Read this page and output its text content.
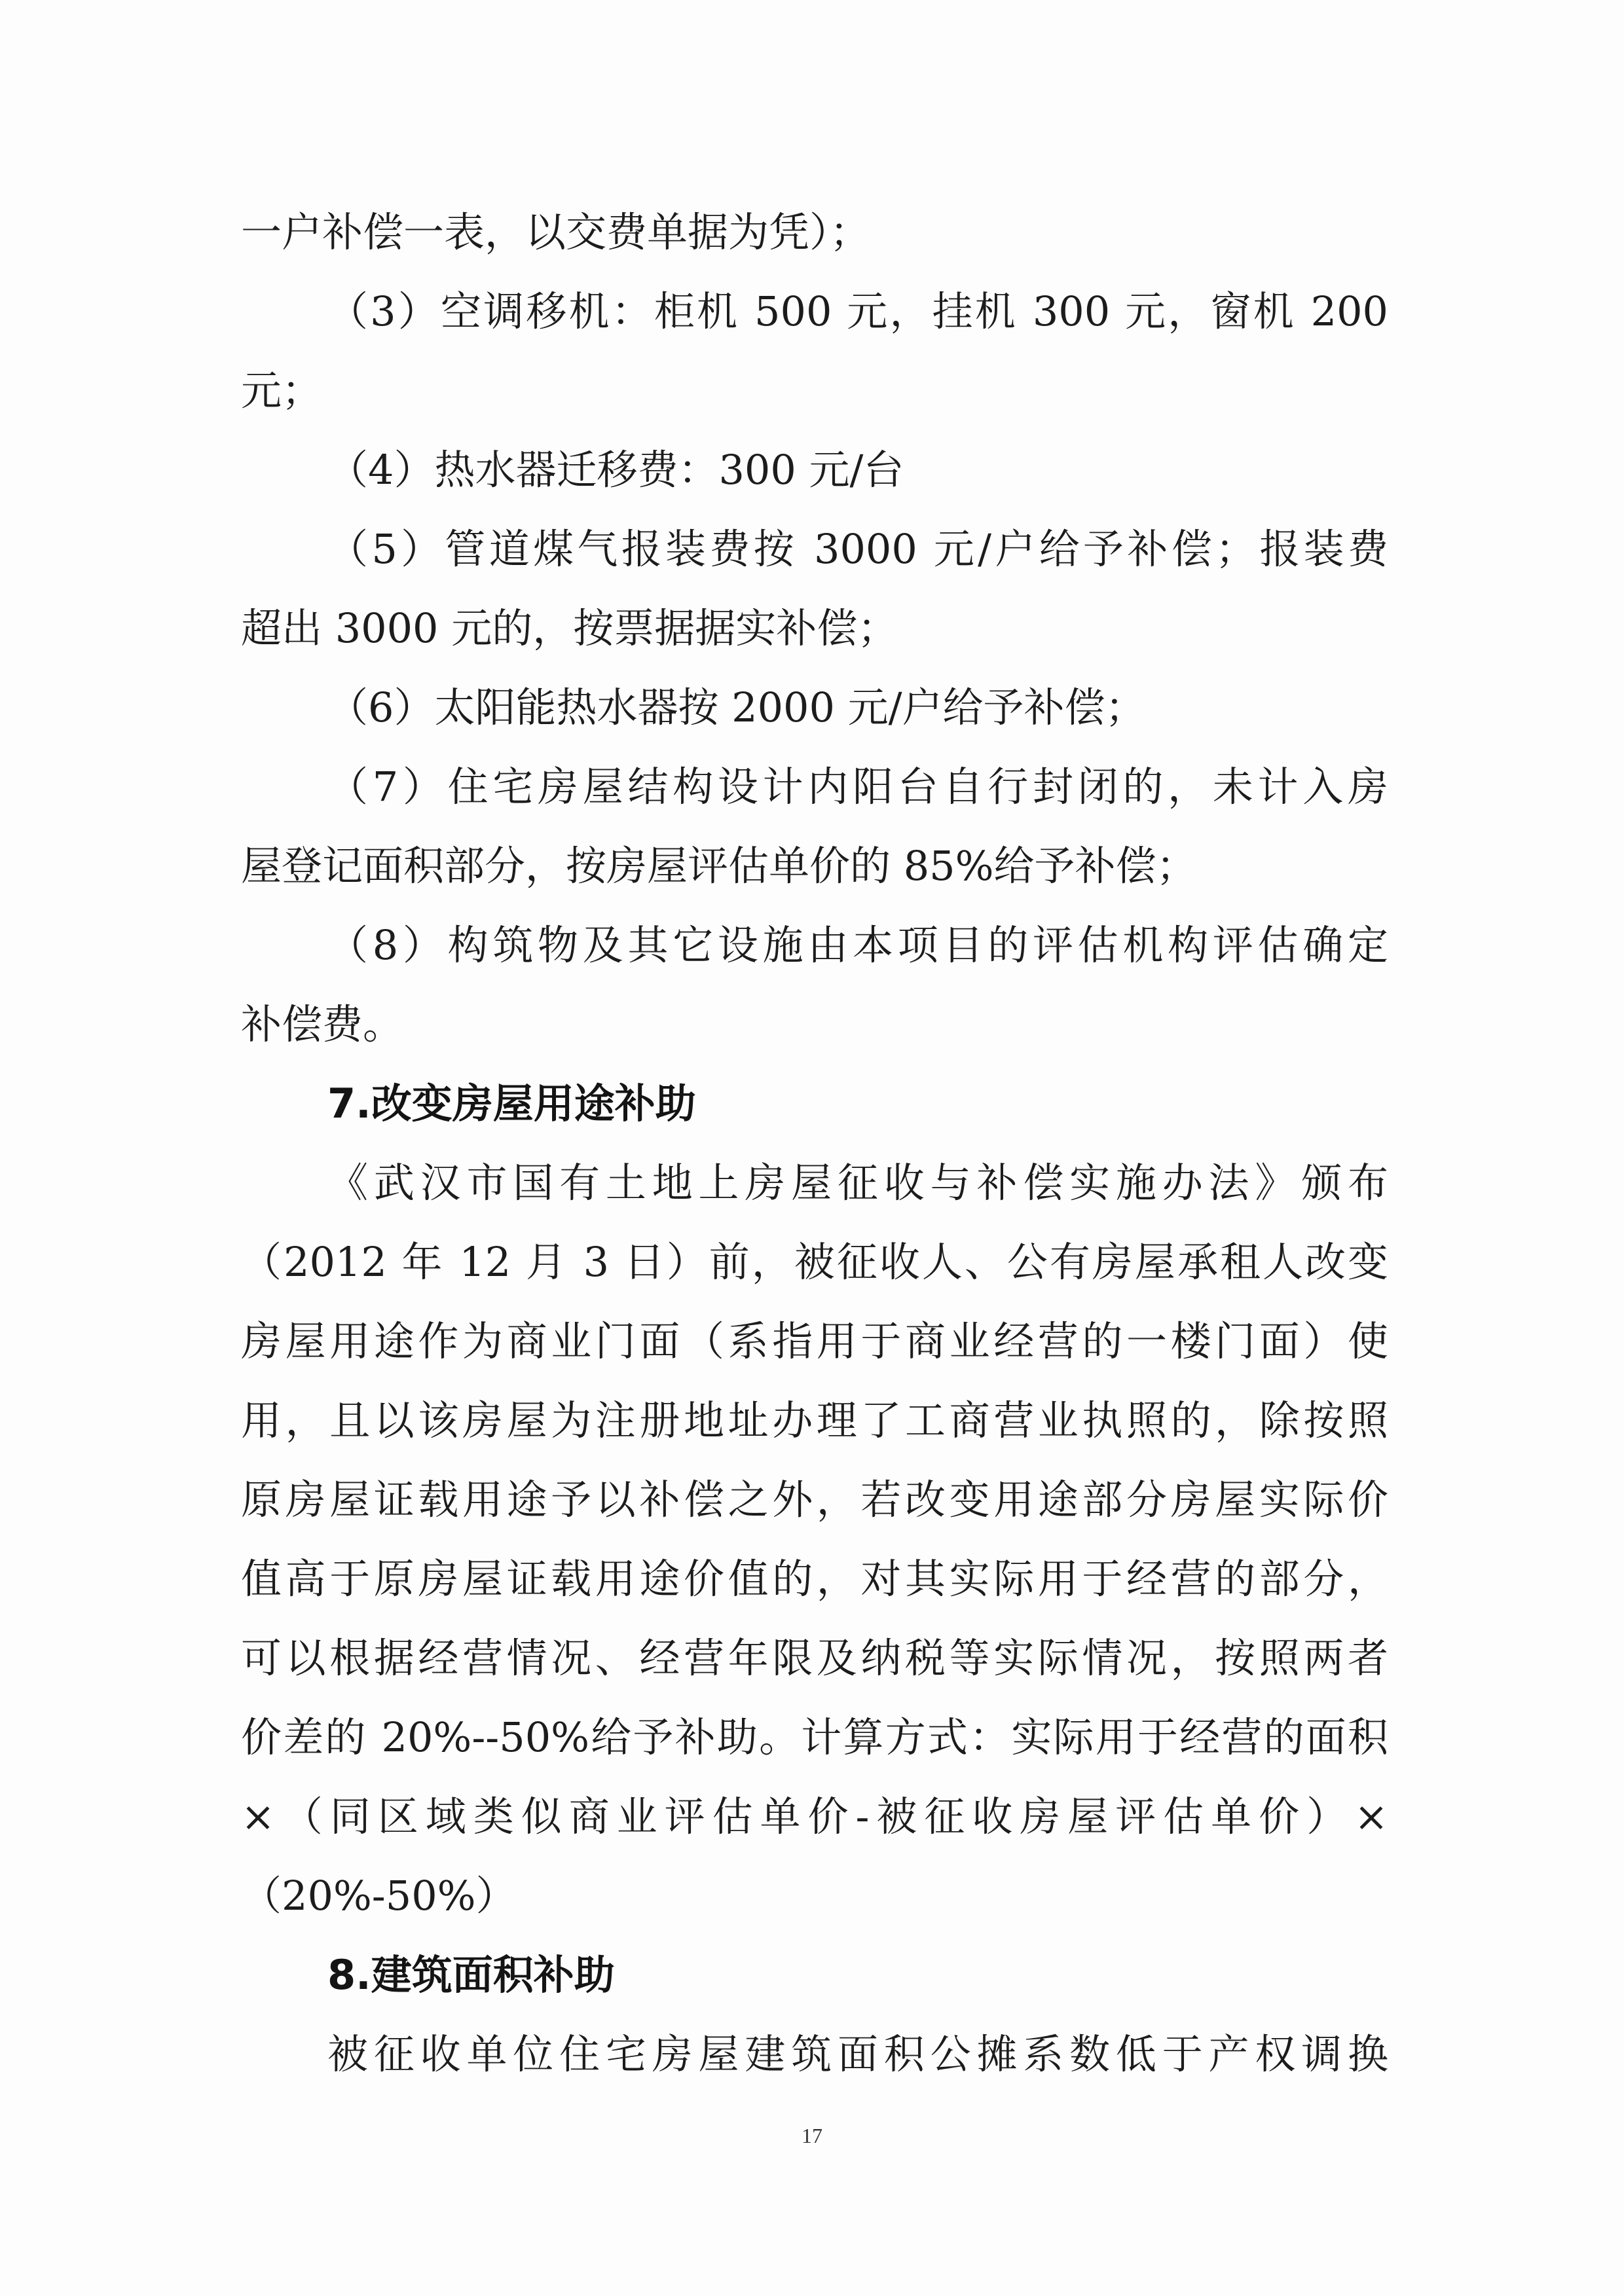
一户补偿一表，以交费单据为凭）；
（3）空调移机：柜机 500 元，挂机 300 元，窗机 200
元；
（4）热水器迁移费：300 元/台
（5）管道煤气报装费按 3000 元/户给予补偿；报装费
超出 3000 元的，按票据据实补偿；
（6）太阳能热水器按 2000 元/户给予补偿；
（7）住宅房屋结构设计内阳台自行封闭的，未计入房
屋登记面积部分，按房屋评估单价的 85%给予补偿；
（8）构筑物及其它设施由本项目的评估机构评估确定
补偿费。
7.改变房屋用途补助
《武汉市国有土地上房屋征收与补偿实施办法》颁布
（2012 年 12 月 3 日）前，被征收人、公有房屋承租人改变
房屋用途作为商业门面（系指用于商业经营的一楼门面）使
用，且以该房屋为注册地址办理了工商营业执照的，除按照
原房屋证载用途予以补偿之外，若改变用途部分房屋实际价
值高于原房屋证载用途价值的，对其实际用于经营的部分，
可以根据经营情况、经营年限及纳税等实际情况，按照两者
价差的 20%--50%给予补助。计算方式：实际用于经营的面积
×（同区域类似商业评估单价-被征收房屋评估单价）×
（20%-50%）
17
8.建筑面积补助
被征收单位住宅房屋建筑面积公摊系数低于产权调换
